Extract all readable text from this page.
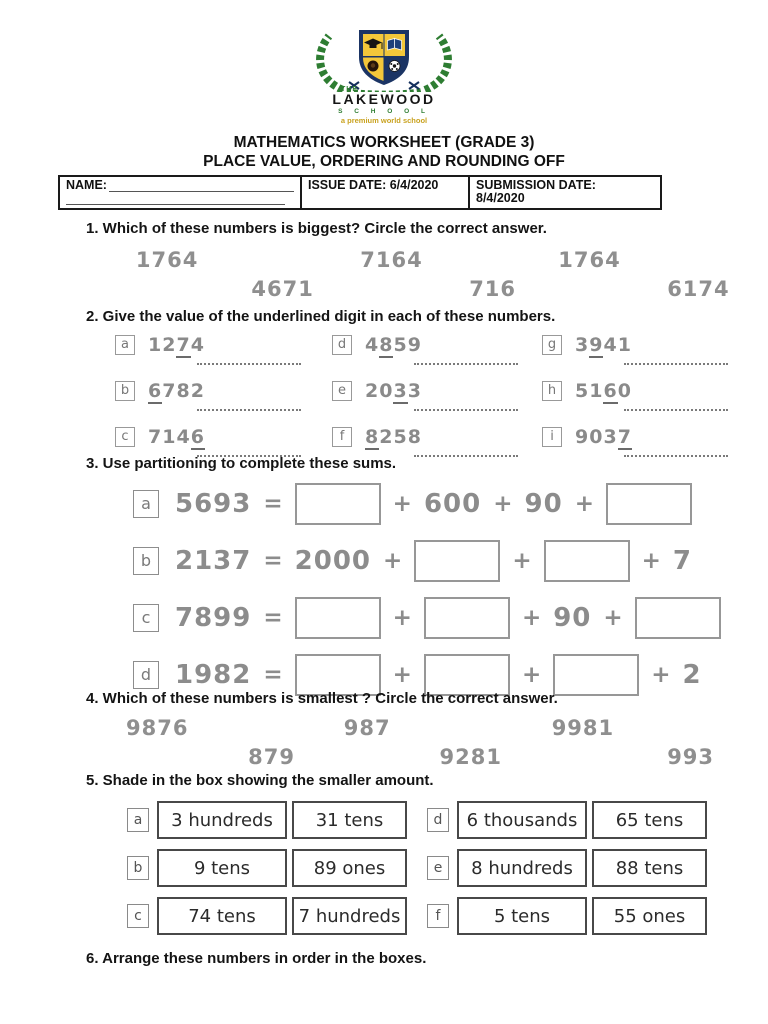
THE
LAKEWOOD
S C H O O L
a premium world school
MATHEMATICS WORKSHEET (GRADE 3)
PLACE VALUE, ORDERING AND ROUNDING OFF
NAME:	ISSUE DATE: 6/4/2020	SUBMISSION DATE:
8/4/2020
1. Which of these numbers is biggest? Circle the correct answer.
1764	7164	1764
4671	716	6174
2. Give the value of the underlined digit in each of these numbers.
a 1274
b 6782
c 7146
d 4859
e 2033
f 8258
g 3941
h 5160
i 9037
3. Use partitioning to complete these sums.
a 5693 =	+ 600 + 90 +
b 2137 = 2000 +	+	+ 7
c 7899 =	+	+ 90 +
d 1982 =	+	+	+ 2
4. Which of these numbers is smallest ? Circle the correct answer.
9876	987	9981
879	9281	993
5. Shade in the box showing the smaller amount.
a	3 hundreds	31 tens	d	6 thousands	65 tens
b	9 tens	89 ones	e	8 hundreds	88 tens
c	74 tens	7 hundreds	f	5 tens	55 ones
6. Arrange these numbers in order in the boxes.
